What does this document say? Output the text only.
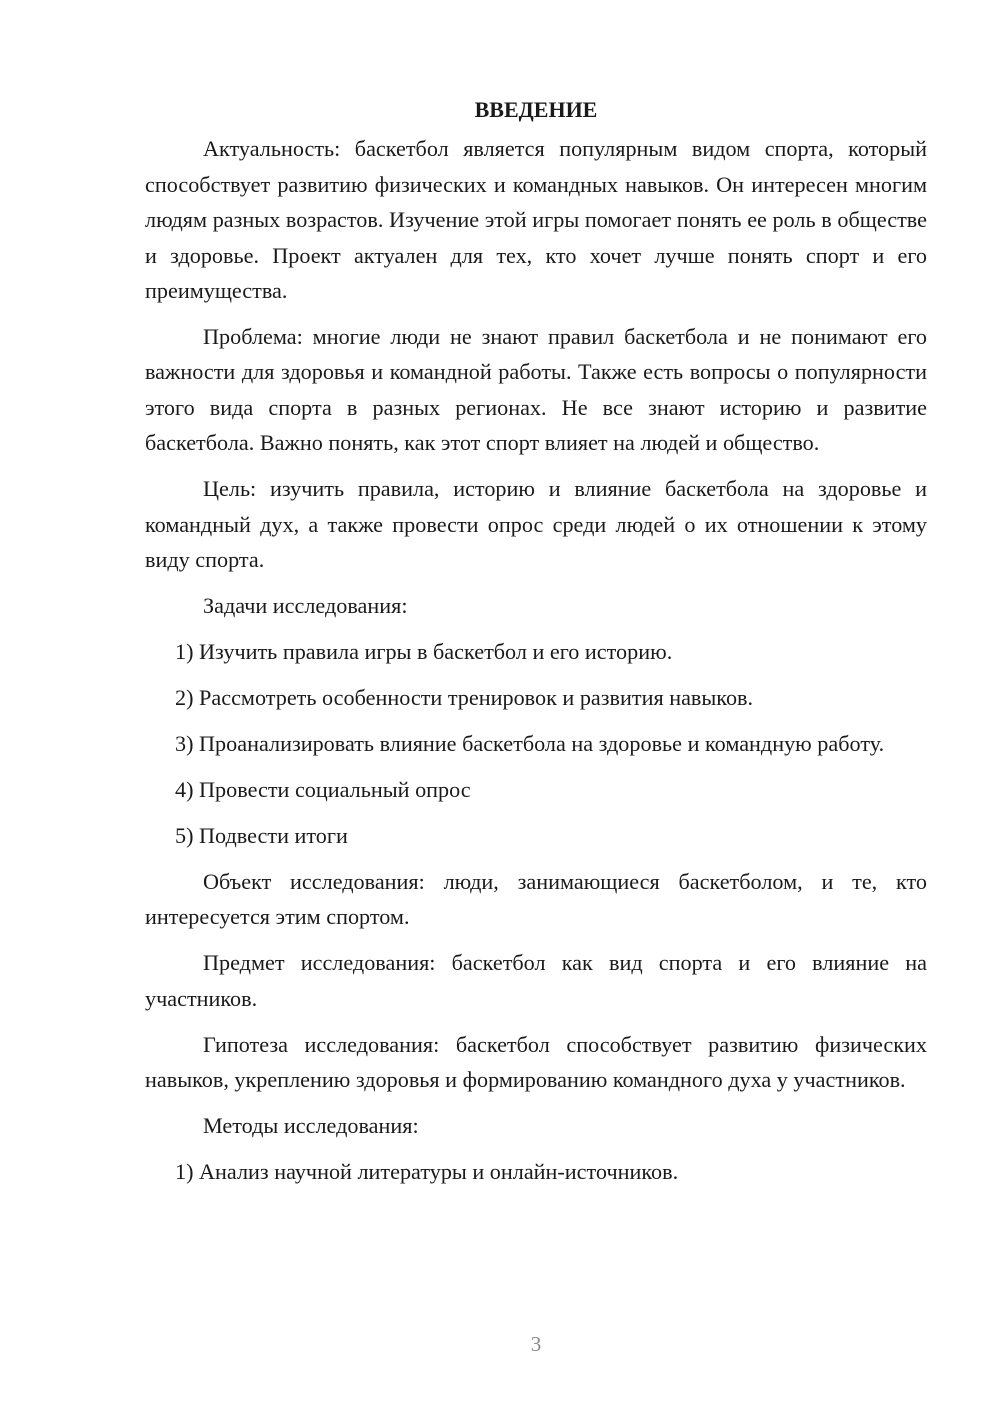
ВВЕДЕНИЕ

Актуальность: баскетбол является популярным видом спорта, который способствует развитию физических и командных навыков. Он интересен многим людям разных возрастов. Изучение этой игры помогает понять ее роль в обществе и здоровье. Проект актуален для тех, кто хочет лучше понять спорт и его преимущества.

Проблема: многие люди не знают правил баскетбола и не понимают его важности для здоровья и командной работы. Также есть вопросы о популярности этого вида спорта в разных регионах. Не все знают историю и развитие баскетбола. Важно понять, как этот спорт влияет на людей и общество.

Цель: изучить правила, историю и влияние баскетбола на здоровье и командный дух, а также провести опрос среди людей о их отношении к этому виду спорта.

Задачи исследования:

1) Изучить правила игры в баскетбол и его историю.

2) Рассмотреть особенности тренировок и развития навыков.

3) Проанализировать влияние баскетбола на здоровье и командную работу.

4) Провести социальный опрос

5) Подвести итоги

Объект исследования: люди, занимающиеся баскетболом, и те, кто интересуется этим спортом.

Предмет исследования: баскетбол как вид спорта и его влияние на участников.

Гипотеза исследования: баскетбол способствует развитию физических навыков, укреплению здоровья и формированию командного духа у участников.

Методы исследования:

1) Анализ научной литературы и онлайн-источников.

3
